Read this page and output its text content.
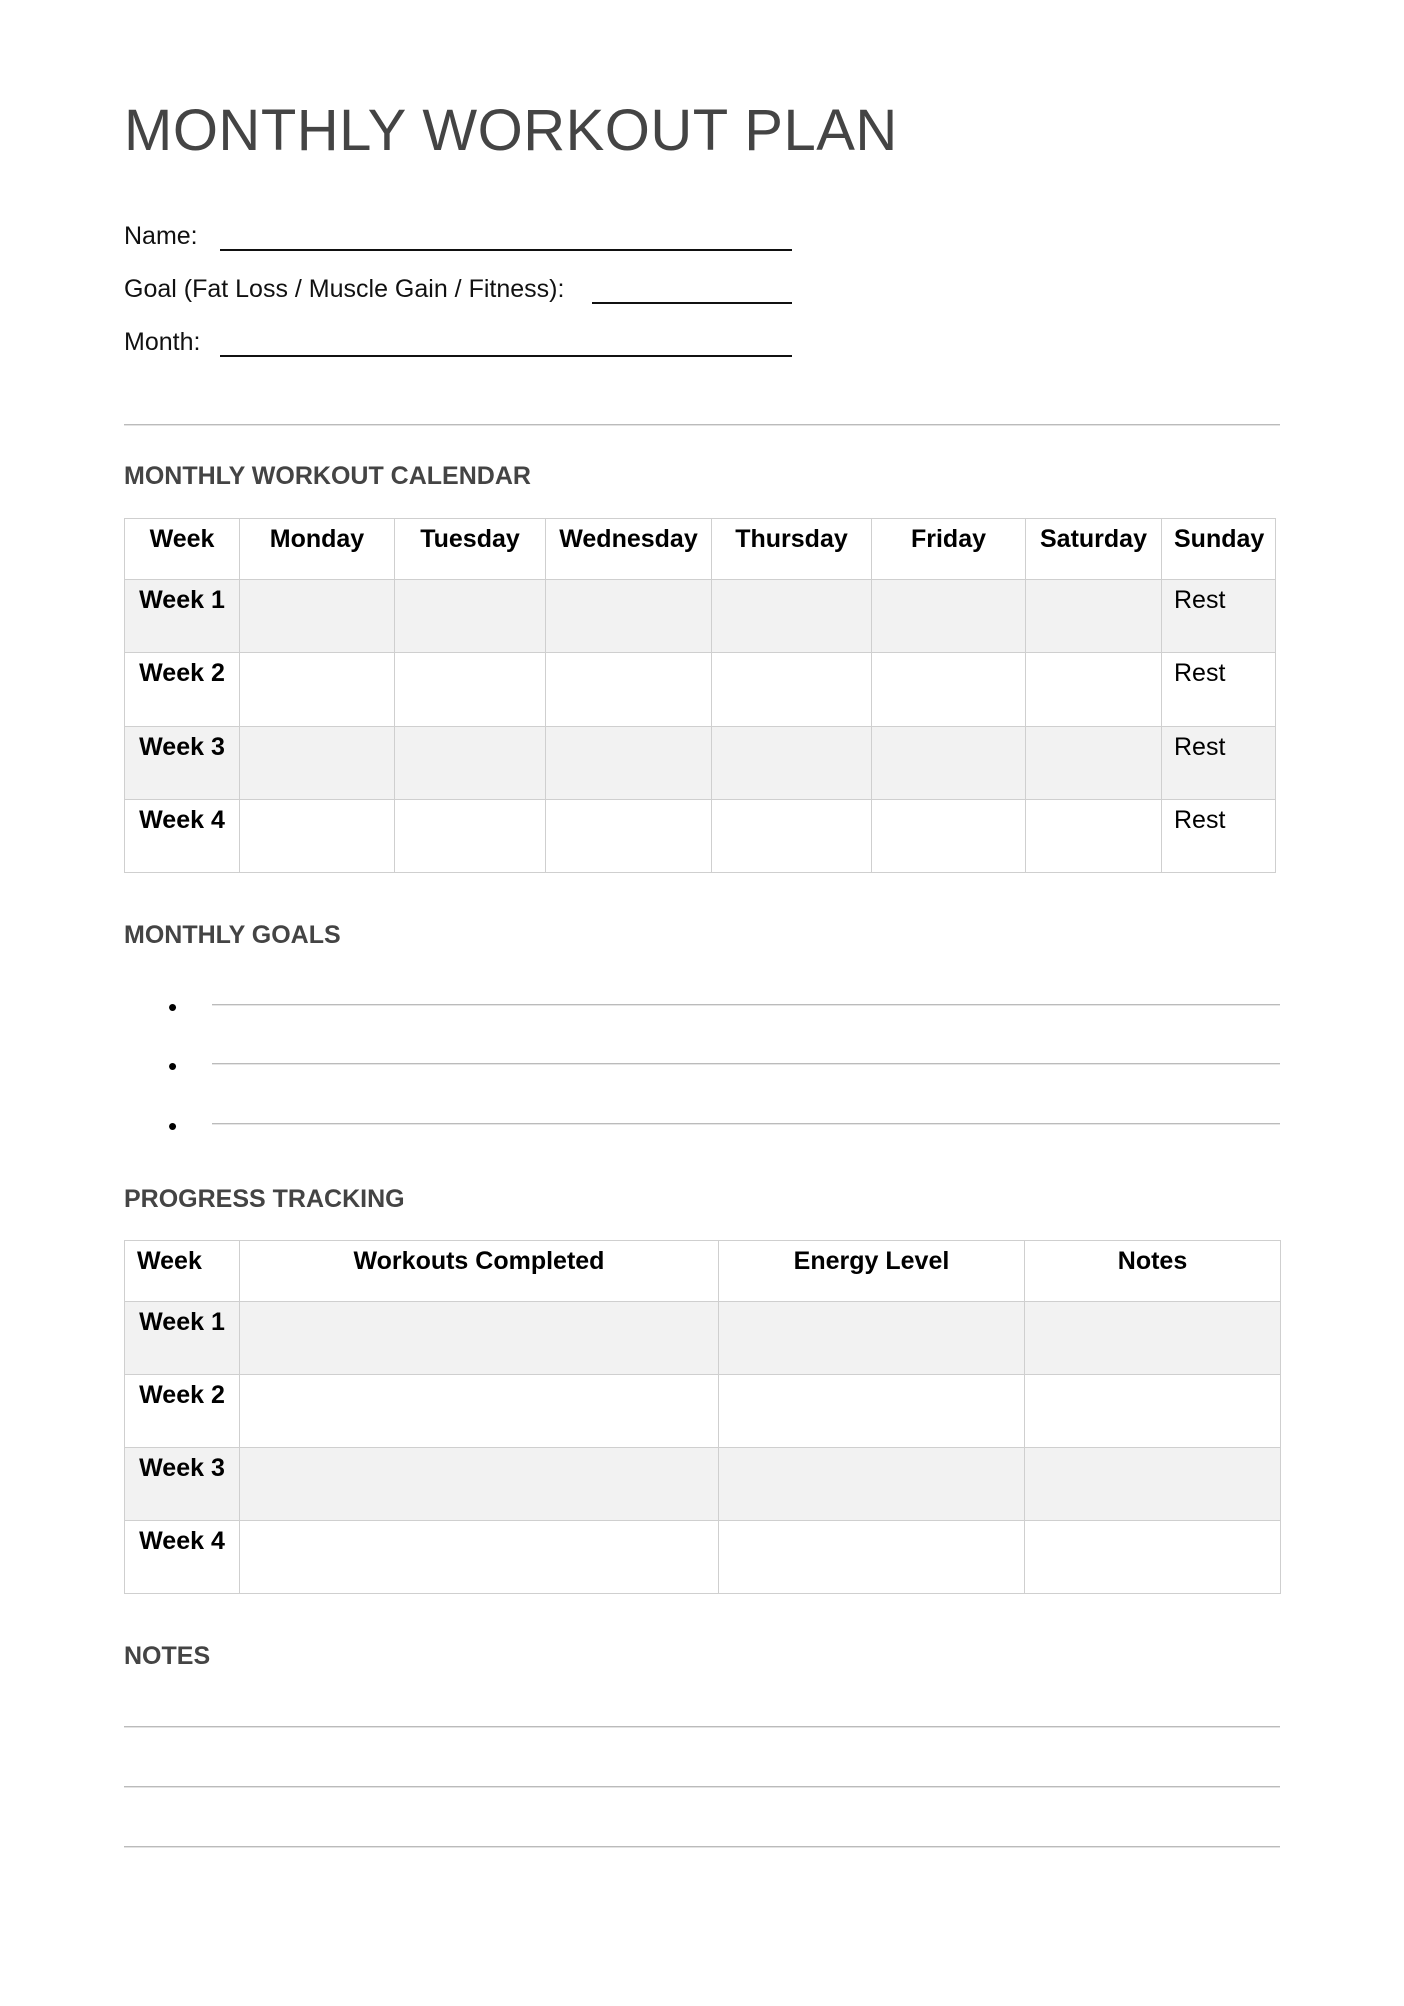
MONTHLY WORKOUT PLAN
Name:
Goal (Fat Loss / Muscle Gain / Fitness):
Month:
MONTHLY WORKOUT CALENDAR
Week	Monday	Tuesday	Wednesday	Thursday	Friday	Saturday	Sunday
Week 1							Rest
Week 2							Rest
Week 3							Rest
Week 4							Rest
MONTHLY GOALS
•
•
•
PROGRESS TRACKING
Week	Workouts Completed	Energy Level	Notes
Week 1			
Week 2			
Week 3			
Week 4			
NOTES
